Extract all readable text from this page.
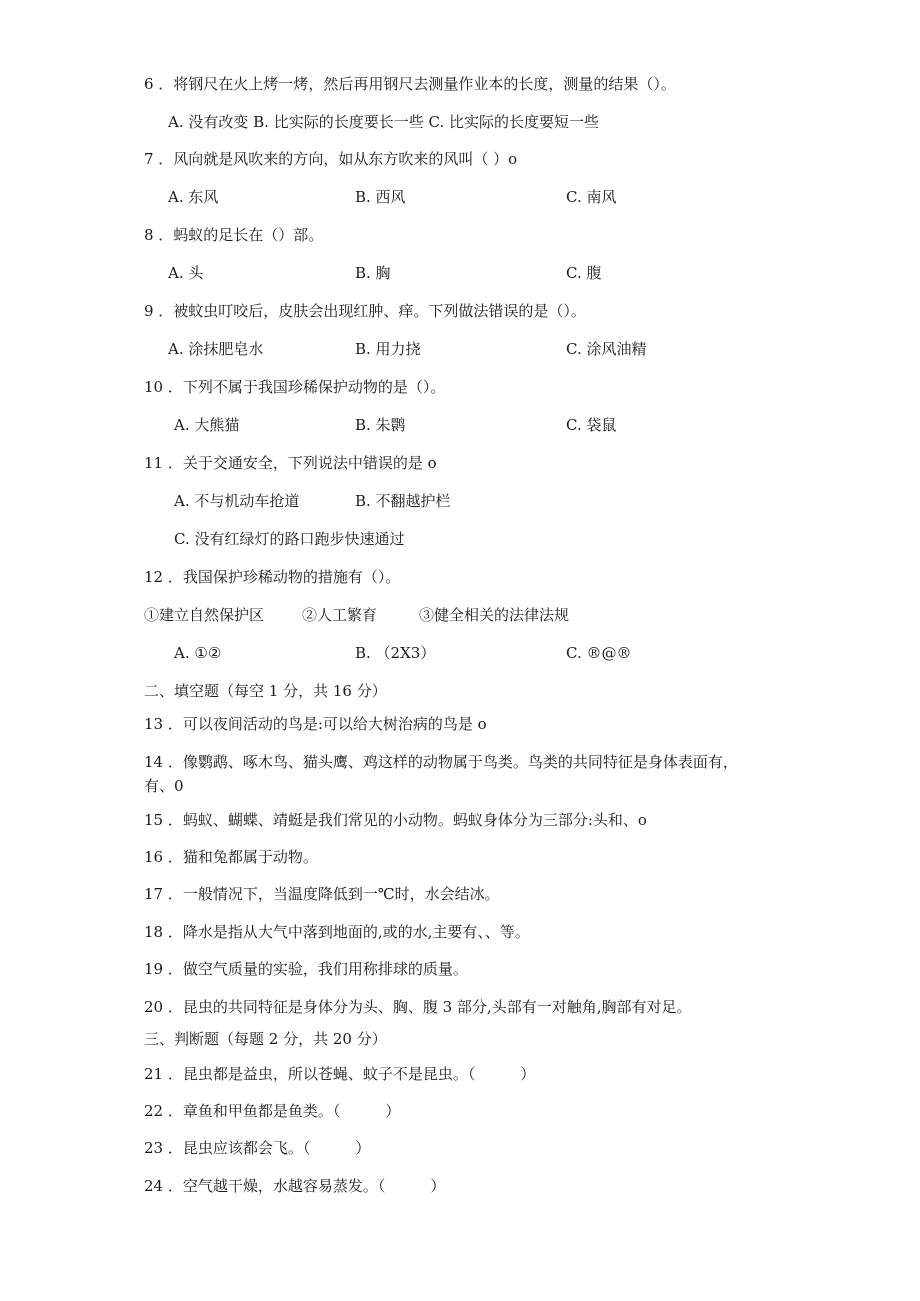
6 ．将钢尺在火上烤一烤，然后再用钢尺去测量作业本的长度，测量的结果（）。
A. 没有改变 B. 比实际的长度要长一些 C. 比实际的长度要短一些
7 ．风向就是风吹来的方向，如从东方吹来的风叫（ ）o
A. 东风	B. 西风	C. 南风
8 ．蚂蚁的足长在（）部。
A. 头	B. 胸	C. 腹
9 ．被蚊虫叮咬后，皮肤会出现红肿、痒。下列做法错误的是（）。
A. 涂抹肥皂水	B. 用力挠	C. 涂风油精
10 ．下列不属于我国珍稀保护动物的是（）。
A. 大熊猫	B. 朱鹮	C. 袋鼠
11 ．关于交通安全，下列说法中错误的是 o
A. 不与机动车抢道	B. 不翻越护栏
C. 没有红绿灯的路口跑步快速通过
12 ．我国保护珍稀动物的措施有（）。
①建立自然保护区	②人工繁育	③健全相关的法律法规
A. ①②	B. （2X3）	C. ®@®
二、填空题（每空 1 分，共 16 分）
13 ．可以夜间活动的鸟是:可以给大树治病的鸟是 o
14 ．像鹦鹉、啄木鸟、猫头鹰、鸡这样的动物属于鸟类。鸟类的共同特征是身体表面有，
有、0
15 ．蚂蚁、蝴蝶、靖蜓是我们常见的小动物。蚂蚁身体分为三部分:头和、o
16 ．猫和兔都属于动物。
17 ．一般情况下，当温度降低到一℃时，水会结冰。
18 ．降水是指从大气中落到地面的,或的水,主要有、、等。
19 ．做空气质量的实验，我们用称排球的质量。
20 ．昆虫的共同特征是身体分为头、胸、腹 3 部分,头部有一对触角,胸部有对足。
三、判断题（每题 2 分，共 20 分）
21 ．昆虫都是益虫，所以苍蝇、蚊子不是昆虫。（　　　）
22 ．章鱼和甲鱼都是鱼类。（　　　）
23 ．昆虫应该都会飞。（　　　）
24 ．空气越干燥，水越容易蒸发。（　　　）
